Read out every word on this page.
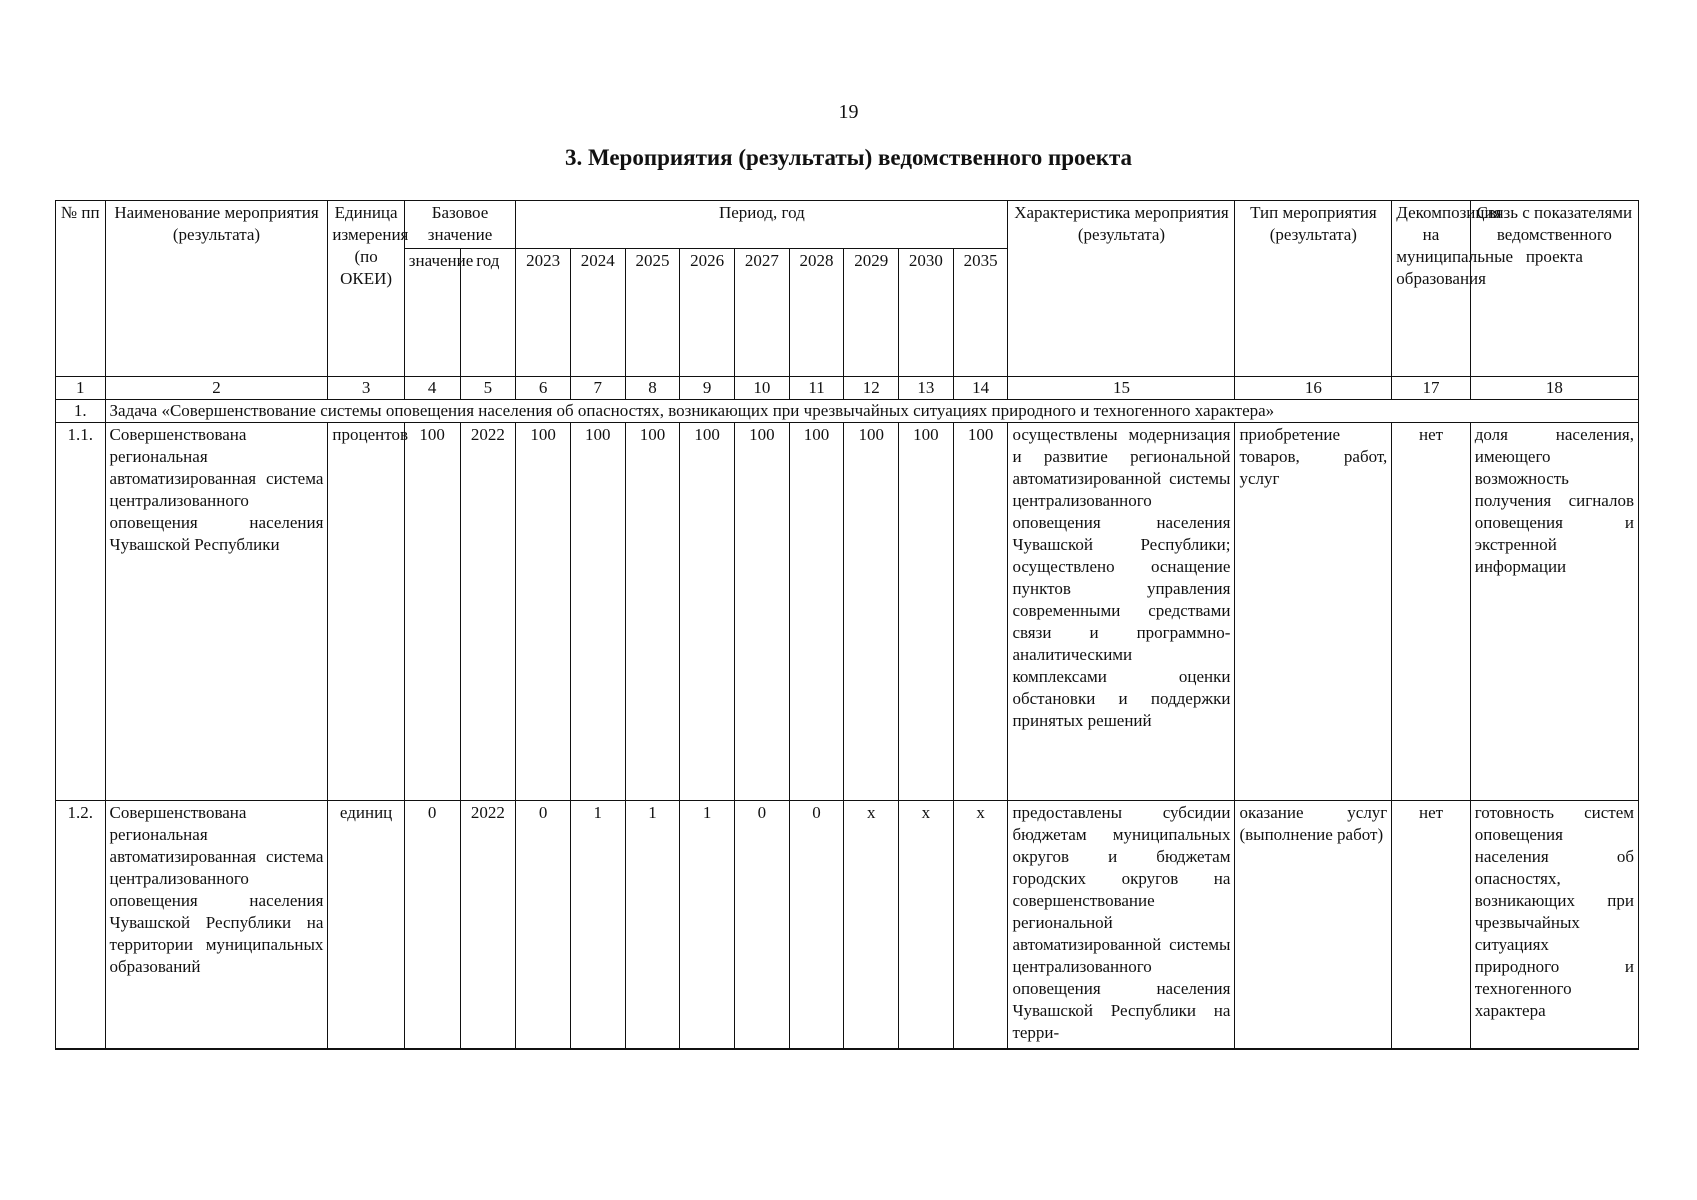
19
3. Мероприятия (результаты) ведомственного проекта
№ пп	Наименование мероприятия (результата)	Единица измерения (по ОКЕИ)	Базовое значение		Период, год									Характеристика мероприятия (результата)	Тип мероприятия (результата)	Декомпозиция на муниципальные образования	Связь с показателями ведомственного проекта
			значение	год	2023	2024	2025	2026	2027	2028	2029	2030	2035				
1	2	3	4	5	6	7	8	9	10	11	12	13	14	15	16	17	18
1.	Задача «Совершенствование системы оповещения населения об опасностях, возникающих при чрезвычайных ситуациях природного и техногенного характера»																
1.1.	Совершенствована региональная автоматизированная система централизованного оповещения населения Чувашской Республики	процентов	100	2022	100	100	100	100	100	100	100	100	100	осуществлены модернизация и развитие региональной автоматизированной системы централизованного оповещения населения Чувашской Республики; осуществлено оснащение пунктов управления современными средствами связи и программно-аналитическими комплексами оценки обстановки и поддержки принятых решений	приобретение товаров, работ, услуг	нет	доля населения, имеющего возможность получения сигналов оповещения и экстренной информации
1.2.	Совершенствована региональная автоматизированная система централизованного оповещения населения Чувашской Республики на территории муниципальных образований	единиц	0	2022	0	1	1	1	0	0	x	x	x	предоставлены субсидии бюджетам муниципальных округов и бюджетам городских округов на совершенствование региональной автоматизированной системы централизованного оповещения населения Чувашской Республики на терри-	оказание услуг (выполнение работ)	нет	готовность систем оповещения населения об опасностях, возникающих при чрезвычайных ситуациях природного и техногенного характера
